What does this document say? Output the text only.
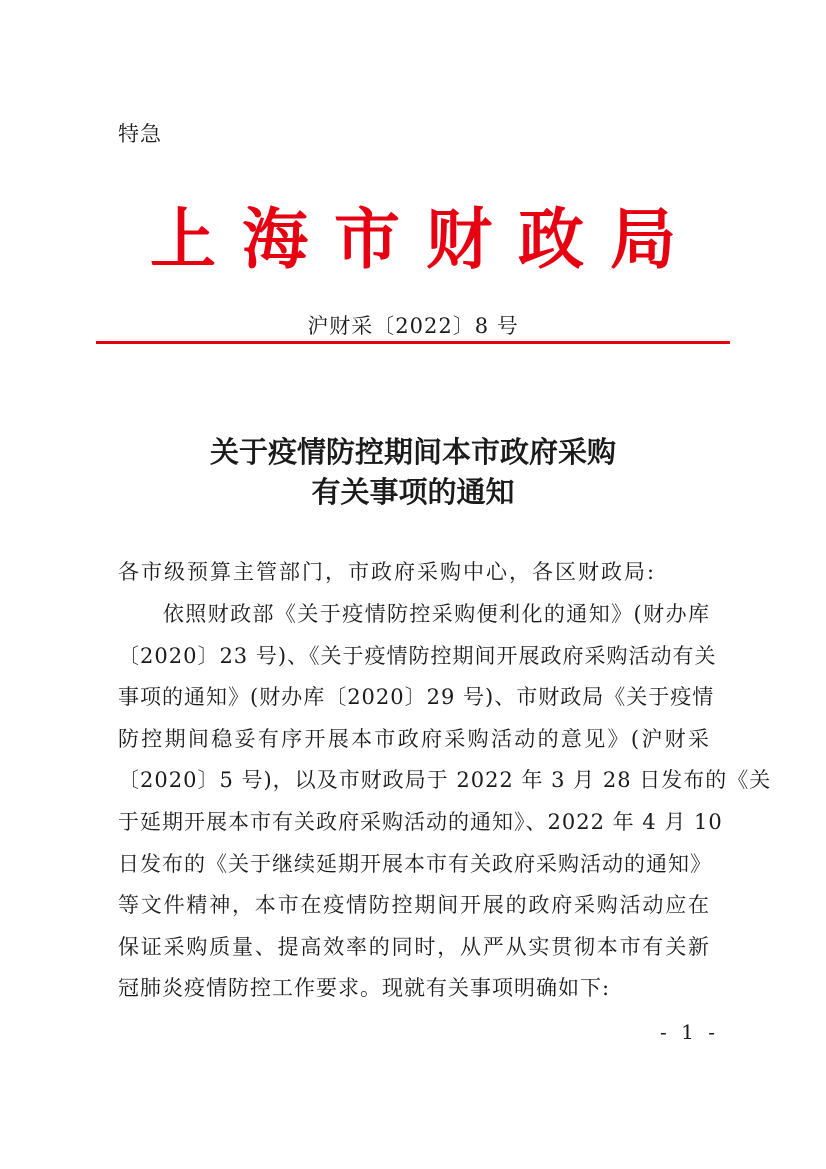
特急
上海市财政局
沪财采〔2022〕8 号
关于疫情防控期间本市政府采购
有关事项的通知
各市级预算主管部门，市政府采购中心，各区财政局:
　　依照财政部《关于疫情防控采购便利化的通知》(财办库
〔2020〕23 号)、《关于疫情防控期间开展政府采购活动有关
事项的通知》(财办库〔2020〕29 号)、市财政局《关于疫情
防控期间稳妥有序开展本市政府采购活动的意见》(沪财采
〔2020〕5 号)，以及市财政局于 2022 年 3 月 28 日发布的《关
于延期开展本市有关政府采购活动的通知》、2022 年 4 月 10
日发布的《关于继续延期开展本市有关政府采购活动的通知》
等文件精神，本市在疫情防控期间开展的政府采购活动应在
保证采购质量、提高效率的同时，从严从实贯彻本市有关新
冠肺炎疫情防控工作要求。现就有关事项明确如下:
- 1 -
